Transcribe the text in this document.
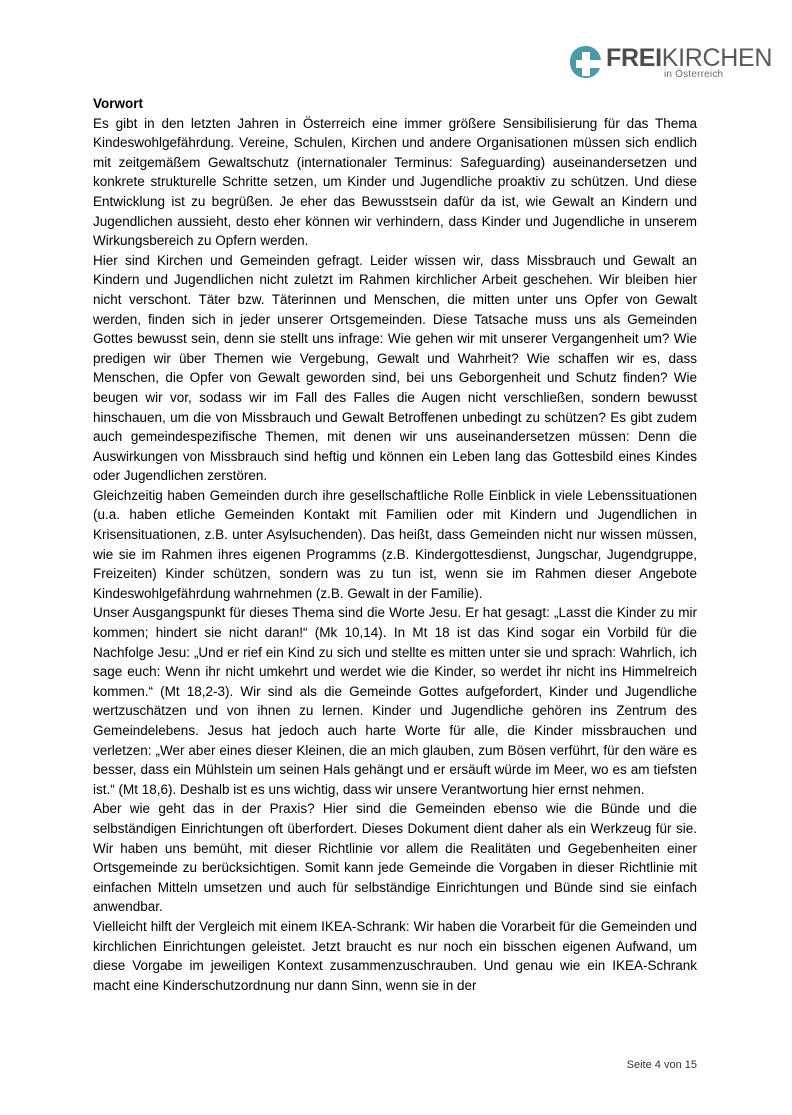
FREIKIRCHEN
in Österreich

Vorwort

Es gibt in den letzten Jahren in Österreich eine immer größere Sensibilisierung für das Thema Kindeswohlgefährdung. Vereine, Schulen, Kirchen und andere Organisationen müssen sich endlich mit zeitgemäßem Gewaltschutz (internationaler Terminus: Safeguarding) auseinandersetzen und konkrete strukturelle Schritte setzen, um Kinder und Jugendliche proaktiv zu schützen. Und diese Entwicklung ist zu begrüßen. Je eher das Bewusstsein dafür da ist, wie Gewalt an Kindern und Jugendlichen aussieht, desto eher können wir verhindern, dass Kinder und Jugendliche in unserem Wirkungsbereich zu Opfern werden.

Hier sind Kirchen und Gemeinden gefragt. Leider wissen wir, dass Missbrauch und Gewalt an Kindern und Jugendlichen nicht zuletzt im Rahmen kirchlicher Arbeit geschehen. Wir bleiben hier nicht verschont. Täter bzw. Täterinnen und Menschen, die mitten unter uns Opfer von Gewalt werden, finden sich in jeder unserer Ortsgemeinden. Diese Tatsache muss uns als Gemeinden Gottes bewusst sein, denn sie stellt uns infrage: Wie gehen wir mit unserer Vergangenheit um? Wie predigen wir über Themen wie Vergebung, Gewalt und Wahrheit? Wie schaffen wir es, dass Menschen, die Opfer von Gewalt geworden sind, bei uns Geborgenheit und Schutz finden? Wie beugen wir vor, sodass wir im Fall des Falles die Augen nicht verschließen, sondern bewusst hinschauen, um die von Missbrauch und Gewalt Betroffenen unbedingt zu schützen? Es gibt zudem auch gemeindespezifische Themen, mit denen wir uns auseinandersetzen müssen: Denn die Auswirkungen von Missbrauch sind heftig und können ein Leben lang das Gottesbild eines Kindes oder Jugendlichen zerstören.

Gleichzeitig haben Gemeinden durch ihre gesellschaftliche Rolle Einblick in viele Lebenssituationen (u.a. haben etliche Gemeinden Kontakt mit Familien oder mit Kindern und Jugendlichen in Krisensituationen, z.B. unter Asylsuchenden). Das heißt, dass Gemeinden nicht nur wissen müssen, wie sie im Rahmen ihres eigenen Programms (z.B. Kindergottesdienst, Jungschar, Jugendgruppe, Freizeiten) Kinder schützen, sondern was zu tun ist, wenn sie im Rahmen dieser Angebote Kindeswohlgefährdung wahrnehmen (z.B. Gewalt in der Familie).

Unser Ausgangspunkt für dieses Thema sind die Worte Jesu. Er hat gesagt: „Lasst die Kinder zu mir kommen; hindert sie nicht daran!“ (Mk 10,14). In Mt 18 ist das Kind sogar ein Vorbild für die Nachfolge Jesu: „Und er rief ein Kind zu sich und stellte es mitten unter sie und sprach: Wahrlich, ich sage euch: Wenn ihr nicht umkehrt und werdet wie die Kinder, so werdet ihr nicht ins Himmelreich kommen.“ (Mt 18,2-3). Wir sind als die Gemeinde Gottes aufgefordert, Kinder und Jugendliche wertzuschätzen und von ihnen zu lernen. Kinder und Jugendliche gehören ins Zentrum des Gemeindelebens. Jesus hat jedoch auch harte Worte für alle, die Kinder missbrauchen und verletzen: „Wer aber eines dieser Kleinen, die an mich glauben, zum Bösen verführt, für den wäre es besser, dass ein Mühlstein um seinen Hals gehängt und er ersäuft würde im Meer, wo es am tiefsten ist.“ (Mt 18,6). Deshalb ist es uns wichtig, dass wir unsere Verantwortung hier ernst nehmen.

Aber wie geht das in der Praxis? Hier sind die Gemeinden ebenso wie die Bünde und die selbständigen Einrichtungen oft überfordert. Dieses Dokument dient daher als ein Werkzeug für sie. Wir haben uns bemüht, mit dieser Richtlinie vor allem die Realitäten und Gegebenheiten einer Ortsgemeinde zu berücksichtigen. Somit kann jede Gemeinde die Vorgaben in dieser Richtlinie mit einfachen Mitteln umsetzen und auch für selbständige Einrichtungen und Bünde sind sie einfach anwendbar.

Vielleicht hilft der Vergleich mit einem IKEA-Schrank: Wir haben die Vorarbeit für die Gemeinden und kirchlichen Einrichtungen geleistet. Jetzt braucht es nur noch ein bisschen eigenen Aufwand, um diese Vorgabe im jeweiligen Kontext zusammenzuschrauben. Und genau wie ein IKEA-Schrank macht eine Kinderschutzordnung nur dann Sinn, wenn sie in der

Seite 4 von 15
